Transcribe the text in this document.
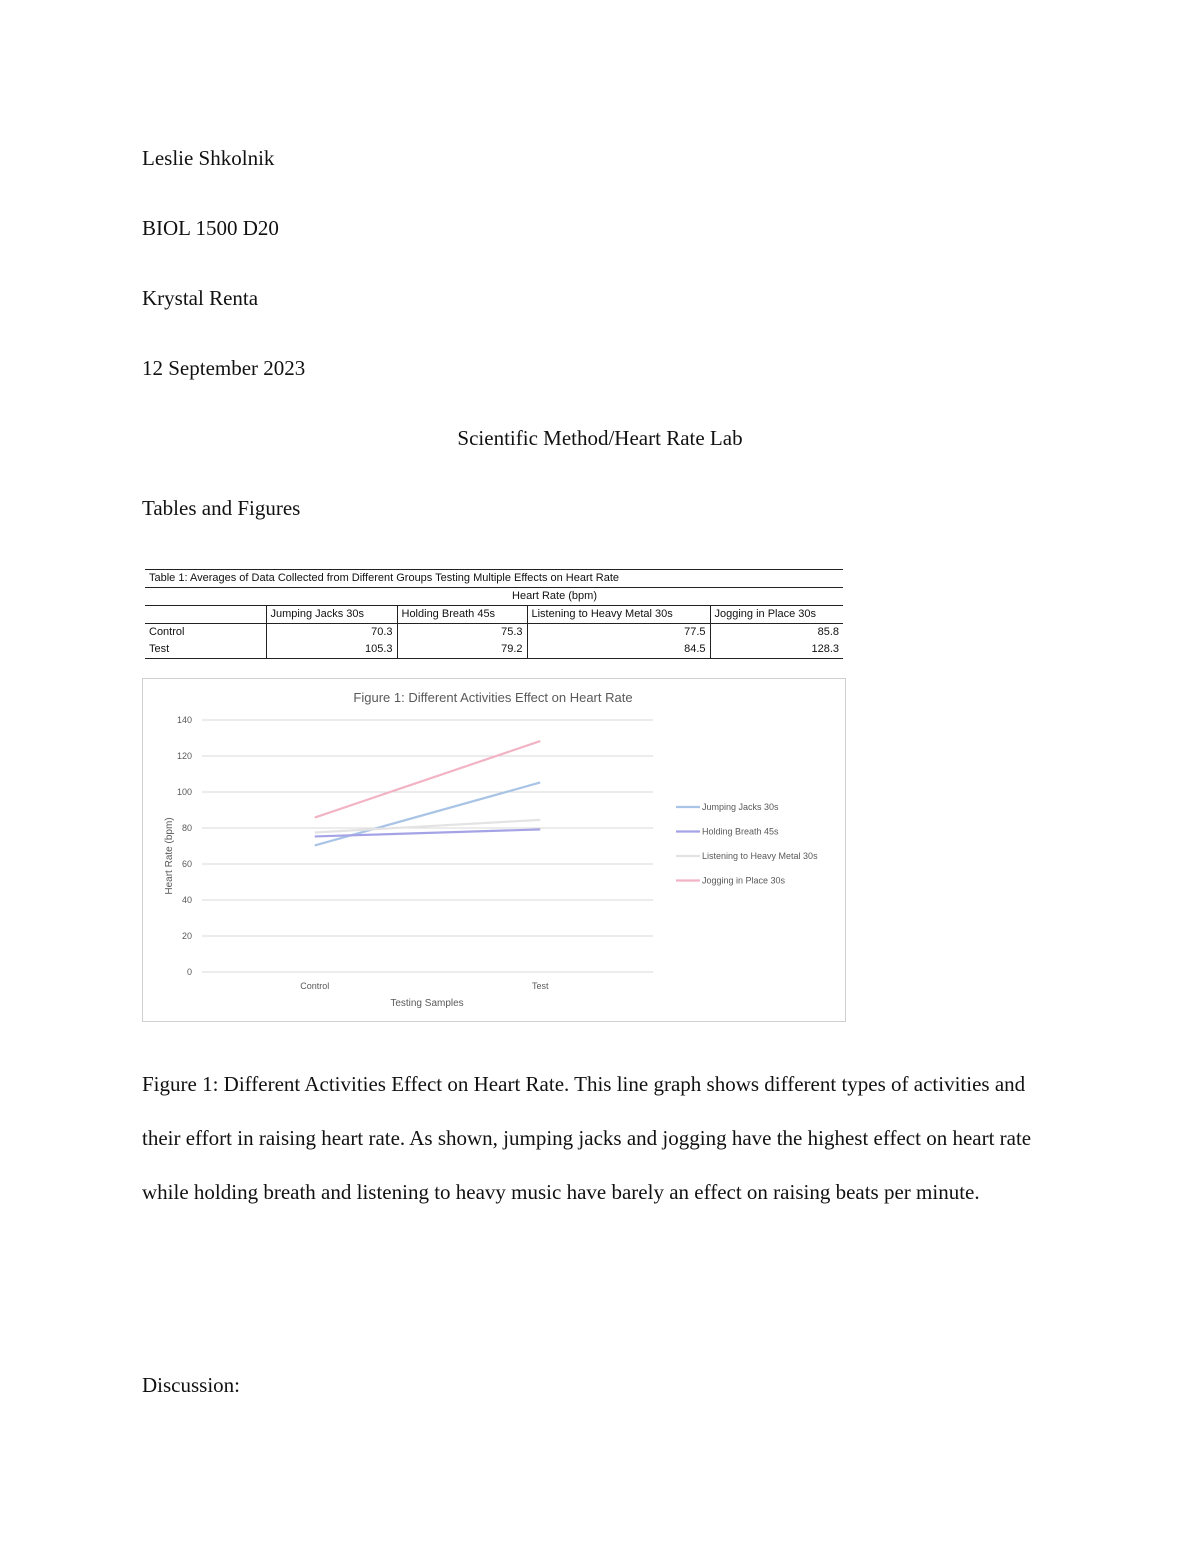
Leslie Shkolnik
BIOL 1500 D20
Krystal Renta
12 September 2023
Scientific Method/Heart Rate Lab
Tables and Figures
Table 1: Averages of Data Collected from Different Groups Testing Multiple Effects on Heart Rate				
	Heart Rate (bpm)			
	Jumping Jacks 30s	Holding Breath 45s	Listening to Heavy Metal 30s	Jogging in Place 30s
Control	70.3	75.3	77.5	85.8
Test	105.3	79.2	84.5	128.3
Figure 1: Different Activities Effect on Heart Rate
0
20
40
60
80
100
120
140
Control	Test
Jumping Jacks 30s
Holding Breath 45s
Listening to Heavy Metal 30s
Jogging in Place 30s
Testing Samples
Heart Rate (bpm)
Figure 1: Different Activities Effect on Heart Rate. This line graph shows different types of activities and their effort in raising heart rate. As shown, jumping jacks and jogging have the highest effect on heart rate while holding breath and listening to heavy music have barely an effect on raising beats per minute.
Discussion:
